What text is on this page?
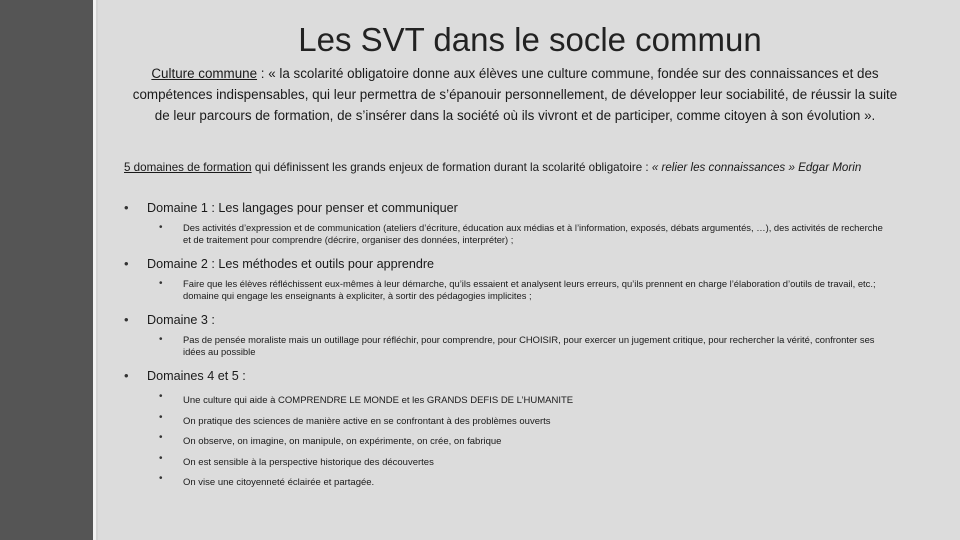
Les SVT dans le socle commun

Culture commune : « la scolarité obligatoire donne aux élèves une culture commune, fondée sur des connaissances et des compétences indispensables, qui leur permettra de s’épanouir personnellement, de développer leur sociabilité, de réussir la suite de leur parcours de formation, de s’insérer dans la société où ils vivront et de participer, comme citoyen à son évolution ».

5 domaines de formation qui définissent les grands enjeux de formation durant la scolarité obligatoire : « relier les connaissances » Edgar Morin

•	Domaine 1 : Les langages pour penser et communiquer
•	Des activités d’expression et de communication (ateliers d’écriture, éducation aux médias et à l’information, exposés, débats argumentés, …), des activités de recherche et de traitement pour comprendre (décrire, organiser des données, interpréter) ;
•	Domaine 2 : Les méthodes et outils pour apprendre
•	Faire que les élèves réfléchissent eux-mêmes à leur démarche, qu’ils essaient et analysent leurs erreurs, qu’ils prennent en charge l’élaboration d’outils de travail, etc.; domaine qui engage les enseignants à expliciter, à sortir des pédagogies implicites ;
•	Domaine 3 :
•	Pas de pensée moraliste mais un outillage pour réfléchir, pour comprendre, pour CHOISIR, pour exercer un jugement critique, pour rechercher la vérité, confronter ses idées au possible
•	Domaines 4 et 5 :
•	Une culture qui aide à COMPRENDRE LE MONDE et les GRANDS DEFIS DE L’HUMANITE
•	On pratique des sciences de manière active en se confrontant à des problèmes ouverts
•	On observe, on imagine, on manipule, on expérimente, on crée, on fabrique
•	On est sensible à la perspective historique des découvertes
•	On vise une citoyenneté éclairée et partagée.
